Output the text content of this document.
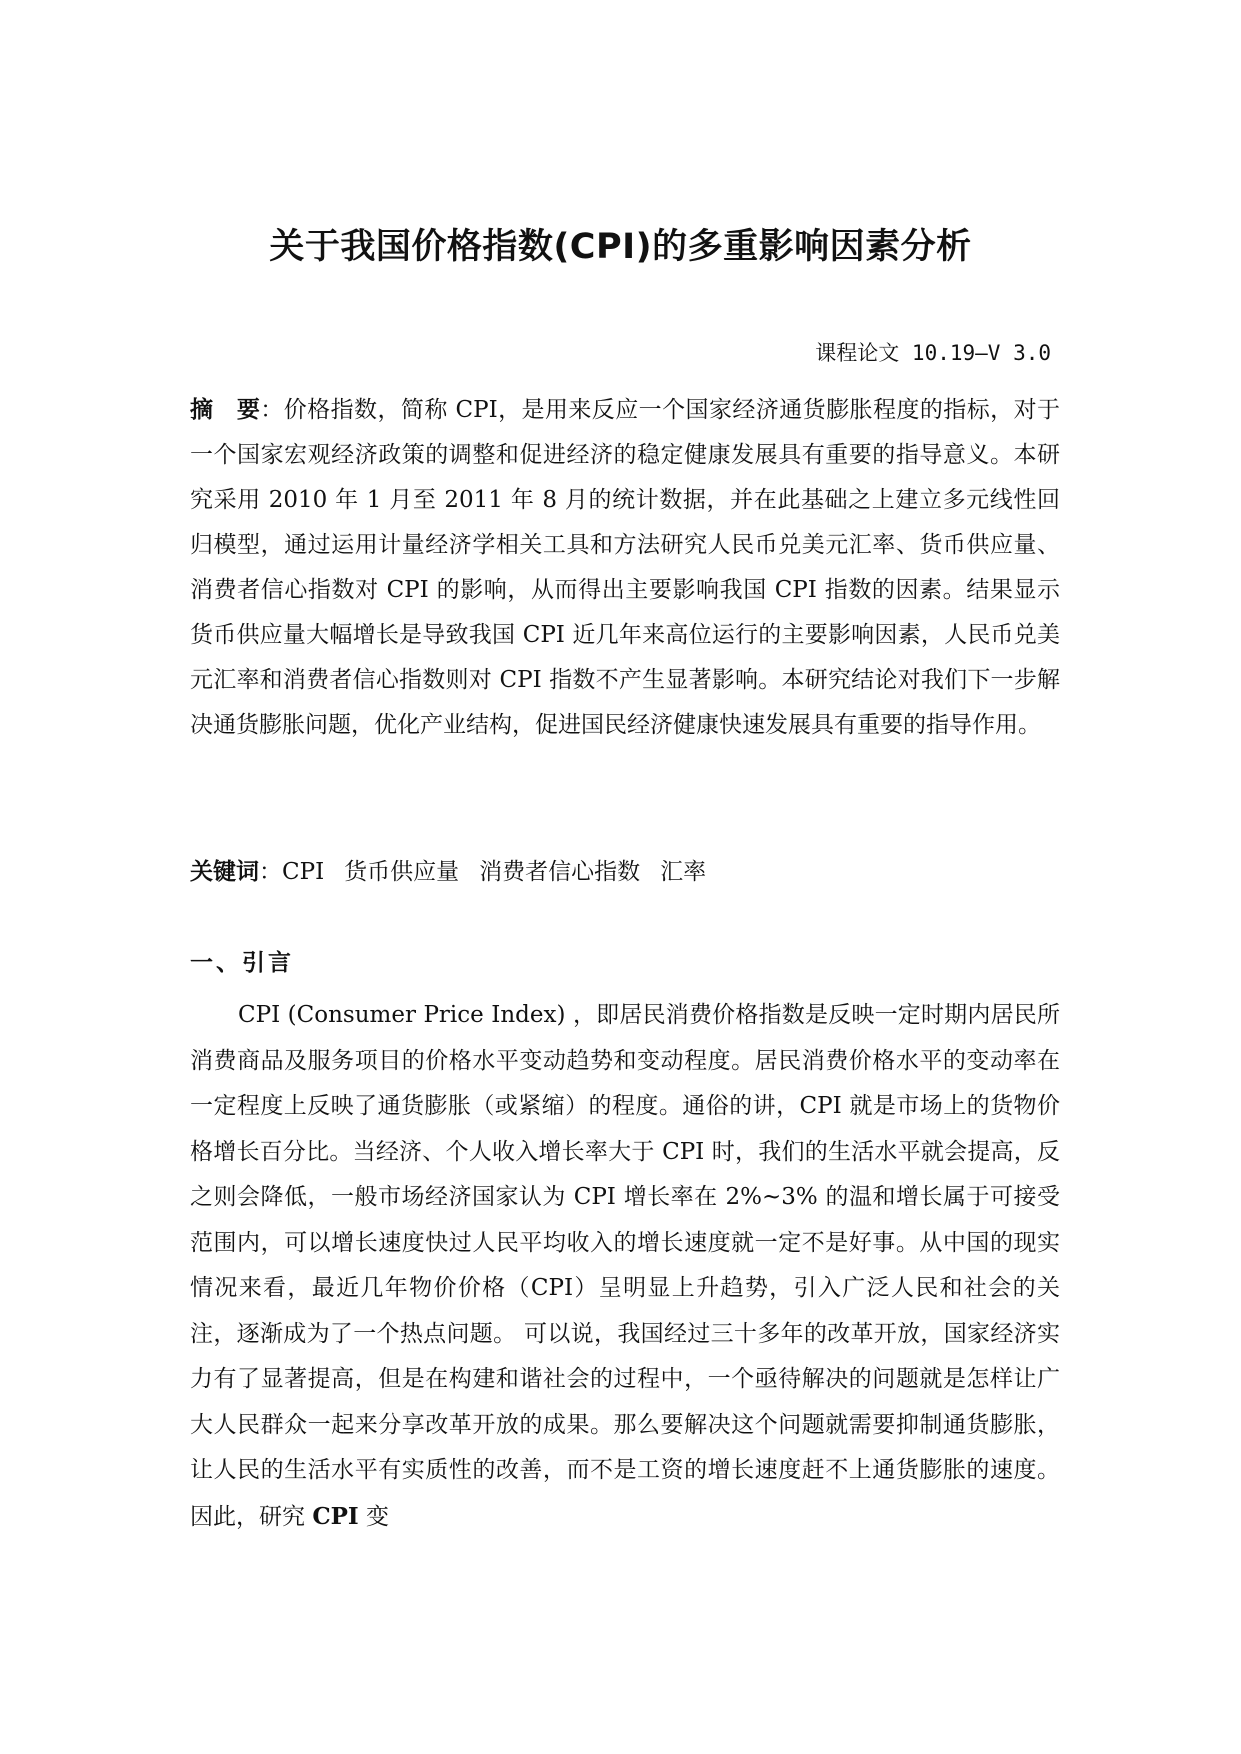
关于我国价格指数(CPI)的多重影响因素分析
课程论文 10.19—V 3.0

摘　要：价格指数，简称 CPI，是用来反应一个国家经济通货膨胀程度的指标，对于一个国家宏观经济政策的调整和促进经济的稳定健康发展具有重要的指导意义。本研究采用 2010 年 1 月至 2011 年 8 月的统计数据，并在此基础之上建立多元线性回归模型，通过运用计量经济学相关工具和方法研究人民币兑美元汇率、货币供应量、消费者信心指数对 CPI 的影响，从而得出主要影响我国 CPI 指数的因素。结果显示 货币供应量大幅增长是导致我国 CPI 近几年来高位运行的主要影响因素，人民币兑美元汇率和消费者信心指数则对 CPI 指数不产生显著影响。本研究结论对我们下一步解决通货膨胀问题，优化产业结构，促进国民经济健康快速发展具有重要的指导作用。

关键词：CPI 货币供应量 消费者信心指数 汇率

一、引言

CPI (Consumer Price Index) ，即居民消费价格指数是反映一定时期内居民所消费商品及服务项目的价格水平变动趋势和变动程度。居民消费价格水平的变动率在一定程度上反映了通货膨胀（或紧缩）的程度。通俗的讲，CPI 就是市场上的货物价格增长百分比。当经济、个人收入增长率大于 CPI 时，我们的生活水平就会提高，反之则会降低，一般市场经济国家认为 CPI 增长率在 2%~3% 的温和增长属于可接受范围内，可以增长速度快过人民平均收入的增长速度就一定不是好事。从中国的现实情况来看，最近几年物价价格（CPI）呈明显上升趋势，引入广泛人民和社会的关注，逐渐成为了一个热点问题。 可以说，我国经过三十多年的改革开放，国家经济实力有了显著提高，但是在构建和谐社会的过程中，一个亟待解决的问题就是怎样让广大人民群众一起来分享改革开放的成果。那么要解决这个问题就需要抑制通货膨胀，让人民的生活水平有实质性的改善，而不是工资的增长速度赶不上通货膨胀的速度。因此，研究 CPI 变
